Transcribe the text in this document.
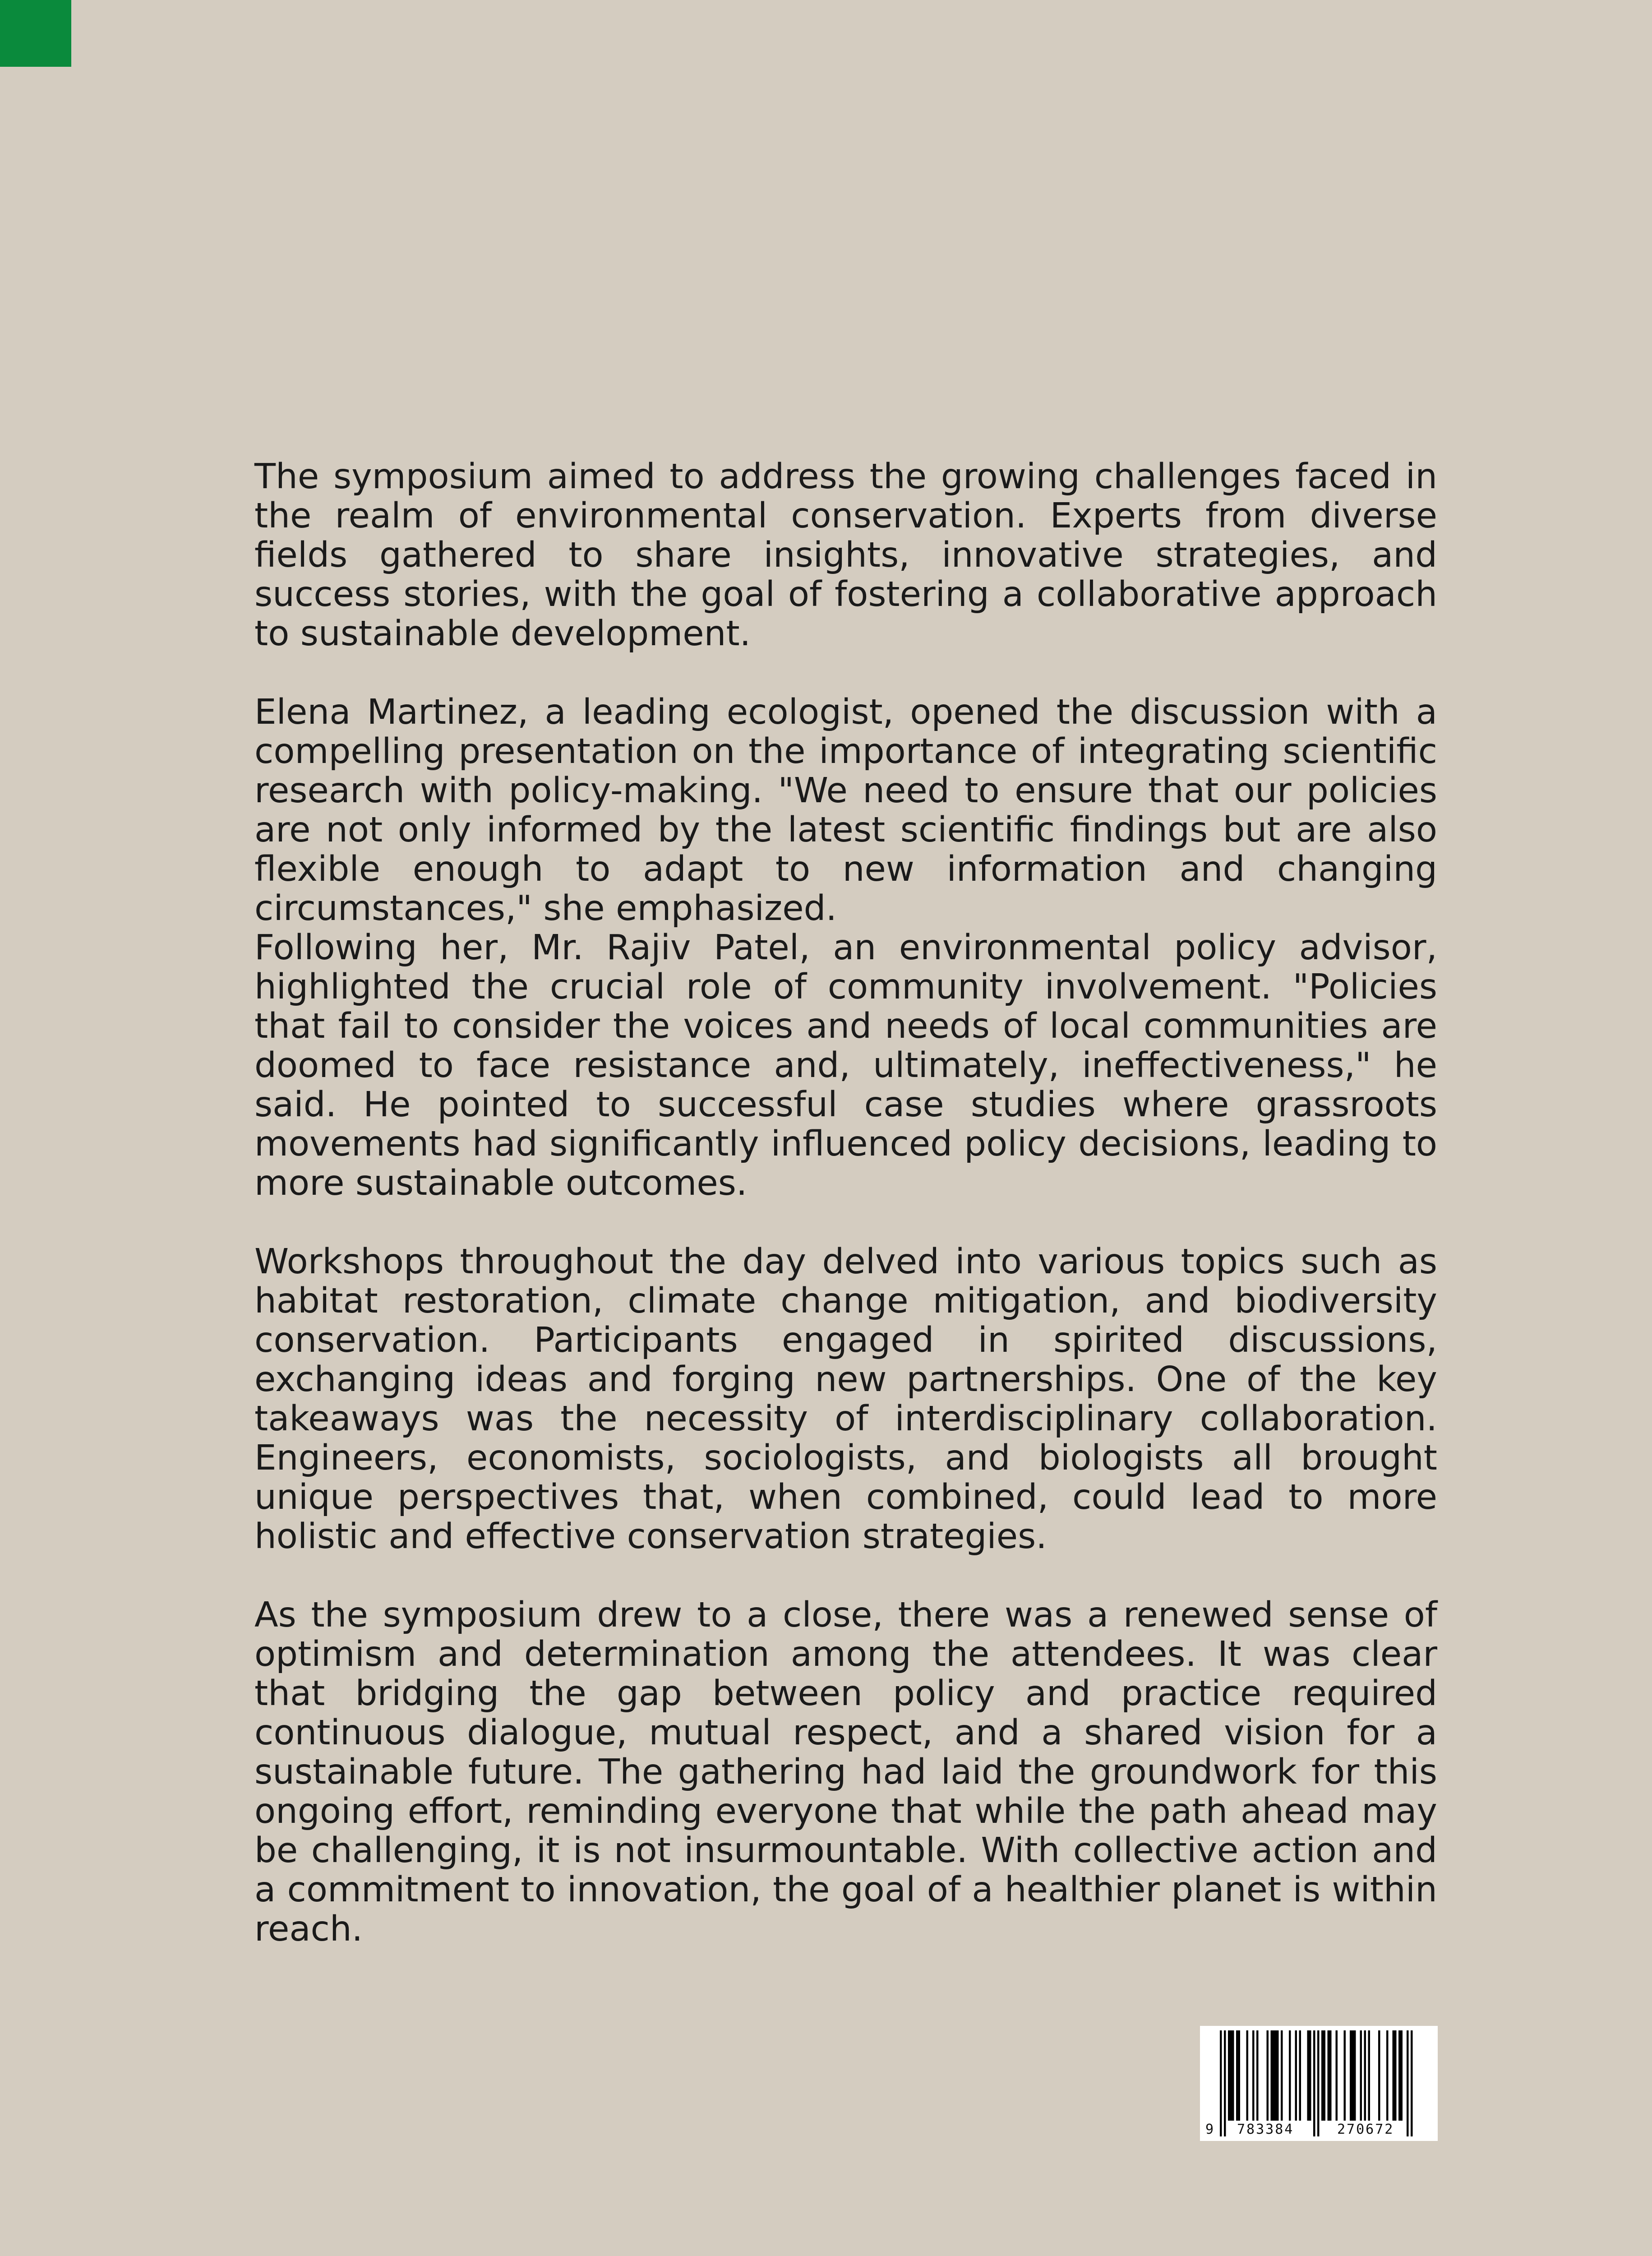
The symposium aimed to address the growing challenges faced in the realm of environmental conservation. Experts from diverse fields gathered to share insights, innovative strategies, and success stories, with the goal of fostering a collaborative approach to sustainable development.

Elena Martinez, a leading ecologist, opened the discussion with a compelling presentation on the importance of integrating scientific research with policy-making. "We need to ensure that our policies are not only informed by the latest scientific findings but are also flexible enough to adapt to new information and changing circumstances," she emphasized.

Following her, Mr. Rajiv Patel, an environmental policy advisor, highlighted the crucial role of community involvement. "Policies that fail to consider the voices and needs of local communities are doomed to face resistance and, ultimately, ineffectiveness," he said. He pointed to successful case studies where grassroots movements had significantly influenced policy decisions, leading to more sustainable outcomes.

Workshops throughout the day delved into various topics such as habitat restoration, climate change mitigation, and biodiversity conservation. Participants engaged in spirited discussions, exchanging ideas and forging new partnerships. One of the key takeaways was the necessity of interdisciplinary collaboration. Engineers, economists, sociologists, and biologists all brought unique perspectives that, when combined, could lead to more holistic and effective conservation strategies.

As the symposium drew to a close, there was a renewed sense of optimism and determination among the attendees. It was clear that bridging the gap between policy and practice required continuous dialogue, mutual respect, and a shared vision for a sustainable future. The gathering had laid the groundwork for this ongoing effort, reminding everyone that while the path ahead may be challenging, it is not insurmountable. With collective action and a commitment to innovation, the goal of a healthier planet is within reach.

9 783384	270672
